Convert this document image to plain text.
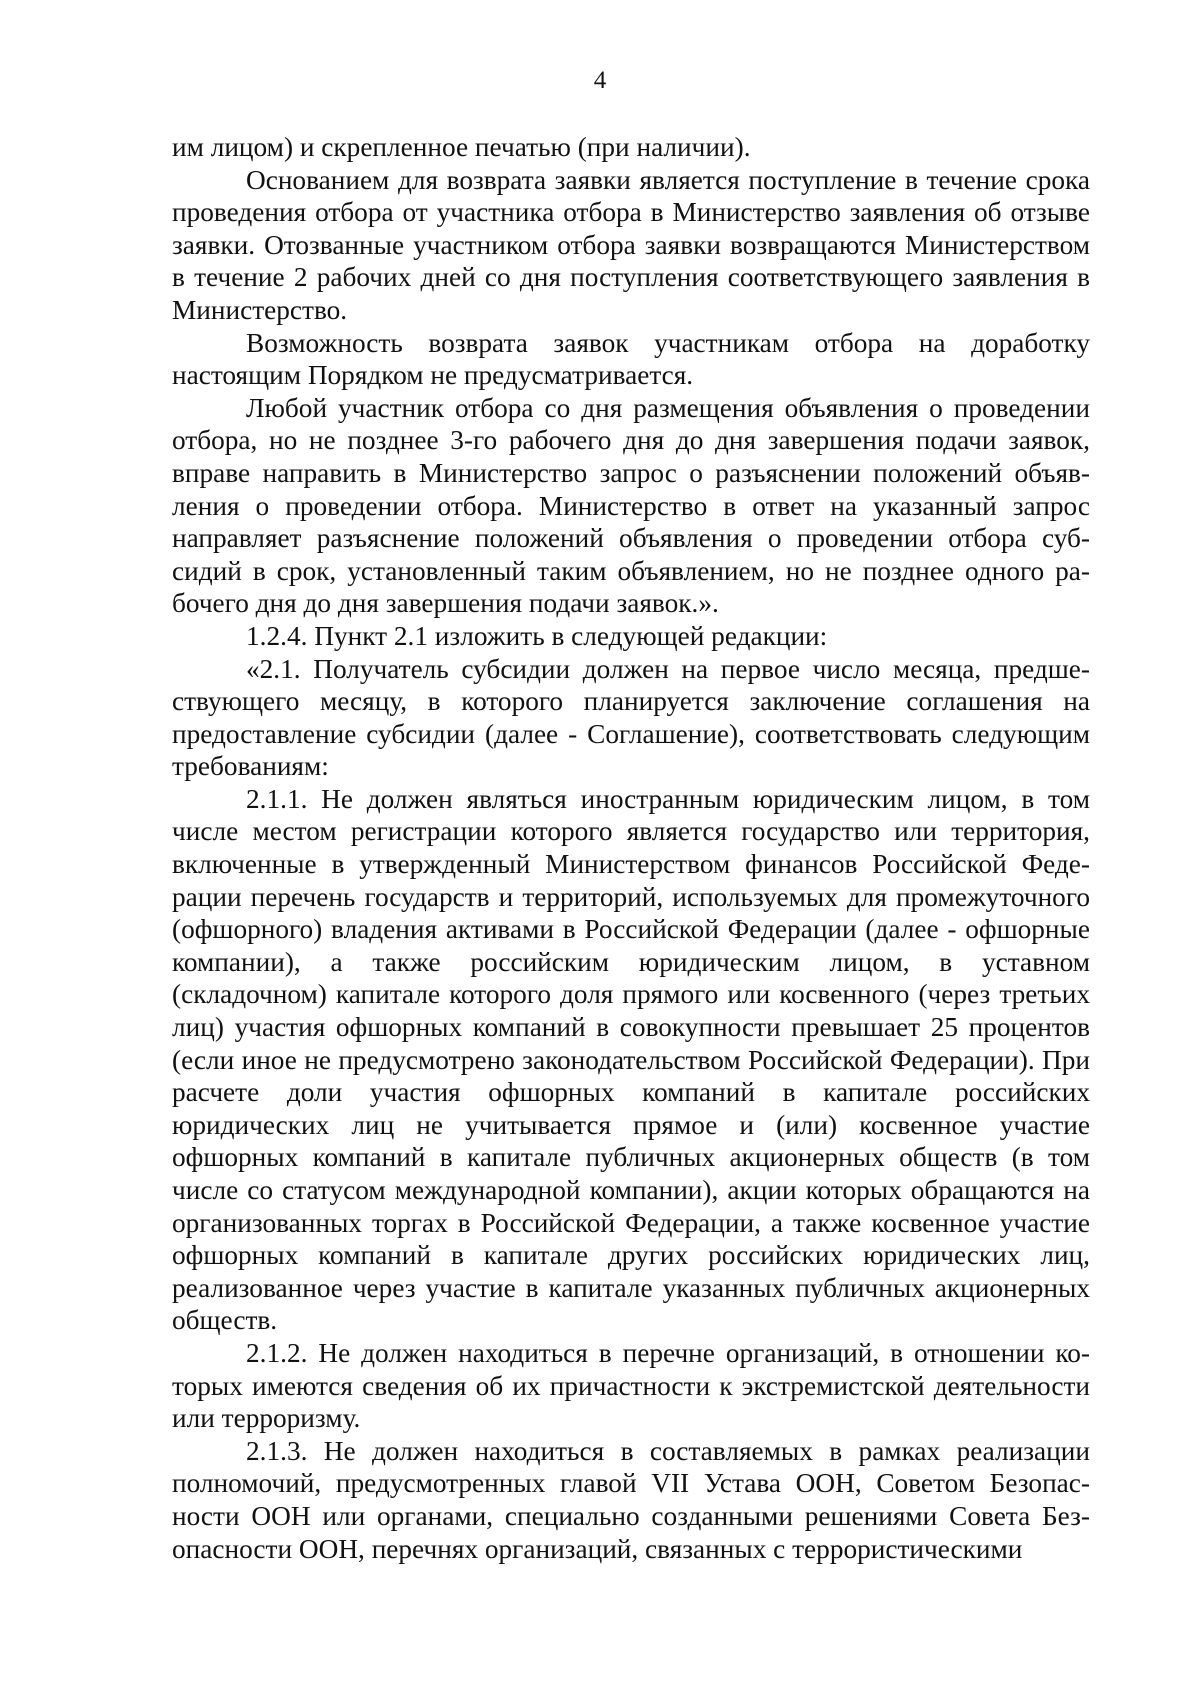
4

им лицом) и скрепленное печатью (при наличии).

Основанием для возврата заявки является поступление в течение срока проведения отбора от участника отбора в Министерство заявления об отзыве заявки. Отозванные участником отбора заявки возвращаются Министерством в течение 2 рабочих дней со дня поступления соответствующего заявления в Министерство.

Возможность возврата заявок участникам отбора на доработку настоящим Порядком не предусматривается.

Любой участник отбора со дня размещения объявления о проведении отбора, но не позднее 3-го рабочего дня до дня завершения подачи заявок, вправе направить в Министерство запрос о разъяснении положений объявления о проведении отбора. Министерство в ответ на указанный запрос направляет разъяснение положений объявления о проведении отбора субсидий в срок, установленный таким объявлением, но не позднее одного рабочего дня до дня завершения подачи заявок.».

1.2.4. Пункт 2.1 изложить в следующей редакции:

«2.1. Получатель субсидии должен на первое число месяца, предшествующего месяцу, в которого планируется заключение соглашения на предоставление субсидии (далее - Соглашение), соответствовать следующим требованиям:

2.1.1. Не должен являться иностранным юридическим лицом, в том числе местом регистрации которого является государство или территория, включенные в утвержденный Министерством финансов Российской Федерации перечень государств и территорий, используемых для промежуточного (офшорного) владения активами в Российской Федерации (далее - офшорные компании), а также российским юридическим лицом, в уставном (складочном) капитале которого доля прямого или косвенного (через третьих лиц) участия офшорных компаний в совокупности превышает 25 процентов (если иное не предусмотрено законодательством Российской Федерации). При расчете доли участия офшорных компаний в капитале российских юридических лиц не учитывается прямое и (или) косвенное участие офшорных компаний в капитале публичных акционерных обществ (в том числе со статусом международной компании), акции которых обращаются на организованных торгах в Российской Федерации, а также косвенное участие офшорных компаний в капитале других российских юридических лиц, реализованное через участие в капитале указанных публичных акционерных обществ.

2.1.2. Не должен находиться в перечне организаций, в отношении которых имеются сведения об их причастности к экстремистской деятельности или терроризму.

2.1.3. Не должен находиться в составляемых в рамках реализации полномочий, предусмотренных главой VII Устава ООН, Советом Безопасности ООН или органами, специально созданными решениями Совета Безопасности ООН, перечнях организаций, связанных с террористическими
